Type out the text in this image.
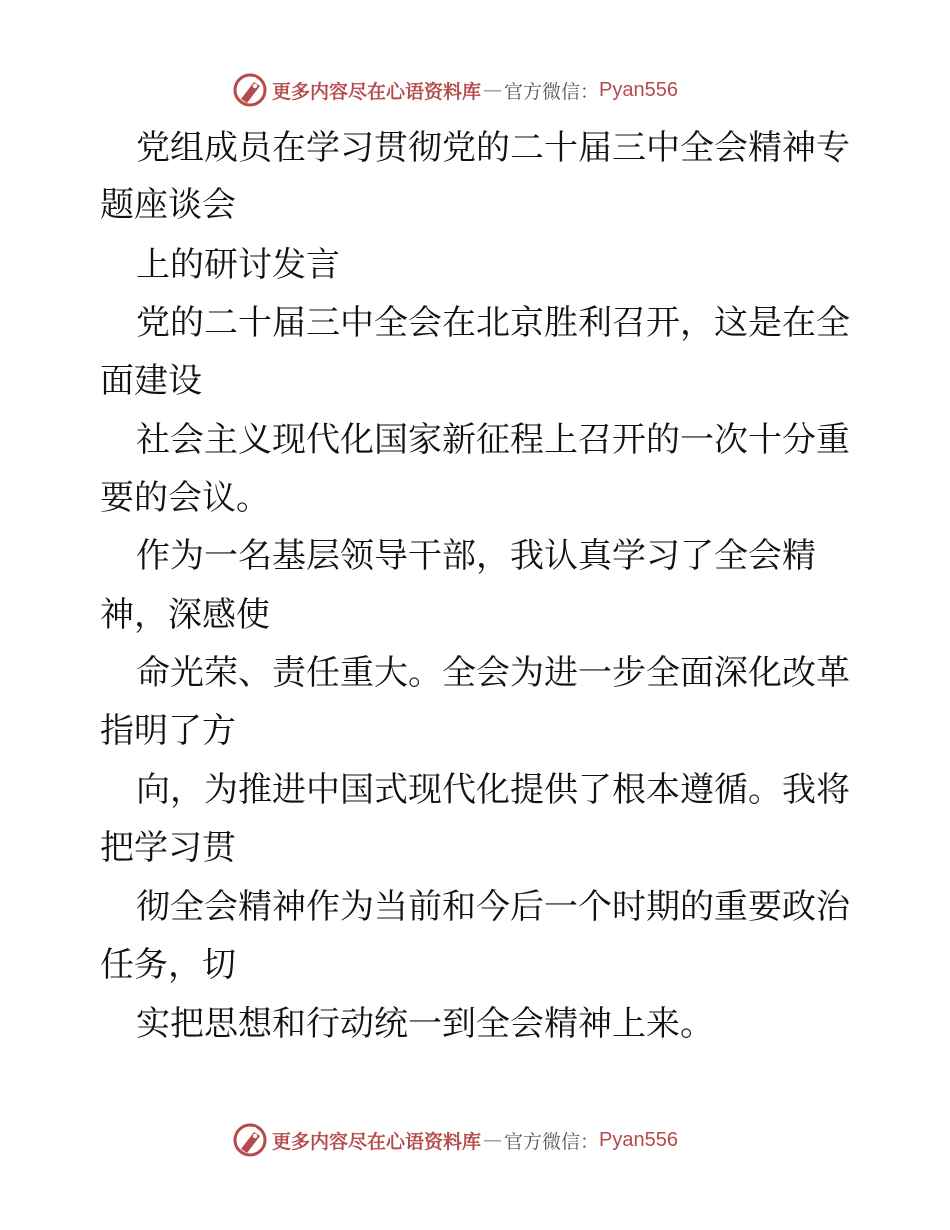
更多内容尽在心语资料库 — 官方微信： Pyan556
党组成员在学习贯彻党的二十届三中全会精神专
题座谈会
上的研讨发言
党的二十届三中全会在北京胜利召开，这是在全
面建设
社会主义现代化国家新征程上召开的一次十分重
要的会议。
作为一名基层领导干部，我认真学习了全会精
神，深感使
命光荣、责任重大。全会为进一步全面深化改革
指明了方
向，为推进中国式现代化提供了根本遵循。我将
把学习贯
彻全会精神作为当前和今后一个时期的重要政治
任务，切
实把思想和行动统一到全会精神上来。
更多内容尽在心语资料库 — 官方微信： Pyan556
